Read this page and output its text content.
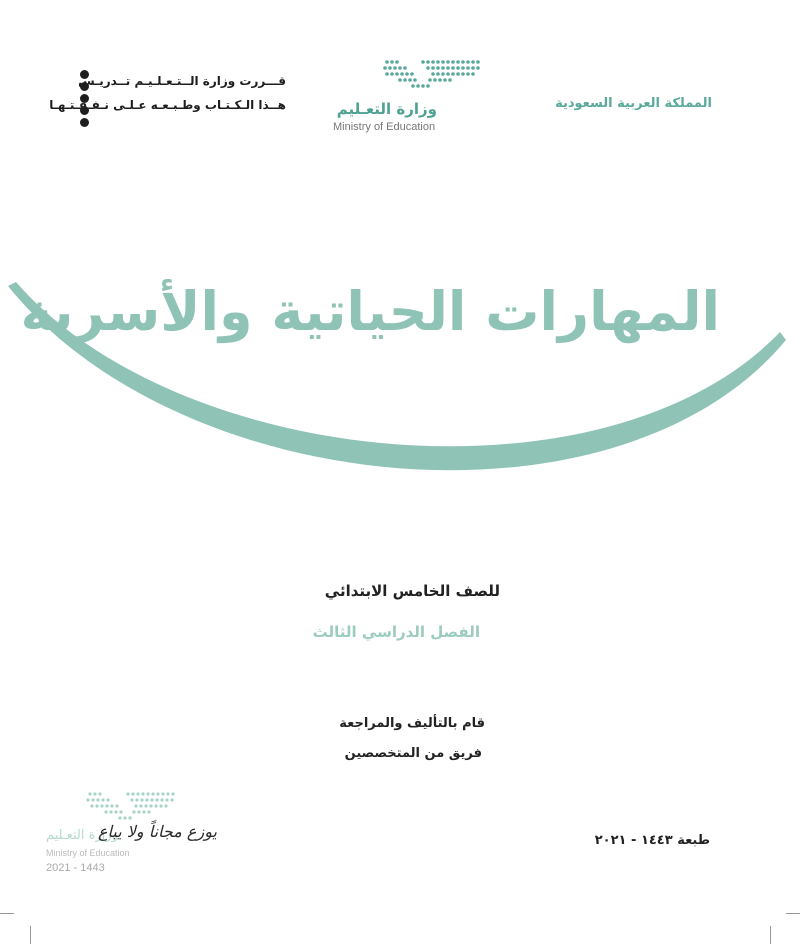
المملكة العربية السعودية
وزارة التعـليم
Ministry of Education
قـــررت وزارة الــتـعـلـيـم تــدريـس
هــذا الـكـتـاب وطـبـعـه عـلـى نـفـقـتـهـا
المهارات الحياتية والأسرية
للصف الخامس الابتدائي
الفصل الدراسي الثالث
قام بالتأليف والمراجعة
فريق من المتخصصين
طبعة ١٤٤٣ - ٢٠٢١
وزارة التعـليم
يوزع مجاناً ولا يباع
Ministry of Education
2021 - 1443
